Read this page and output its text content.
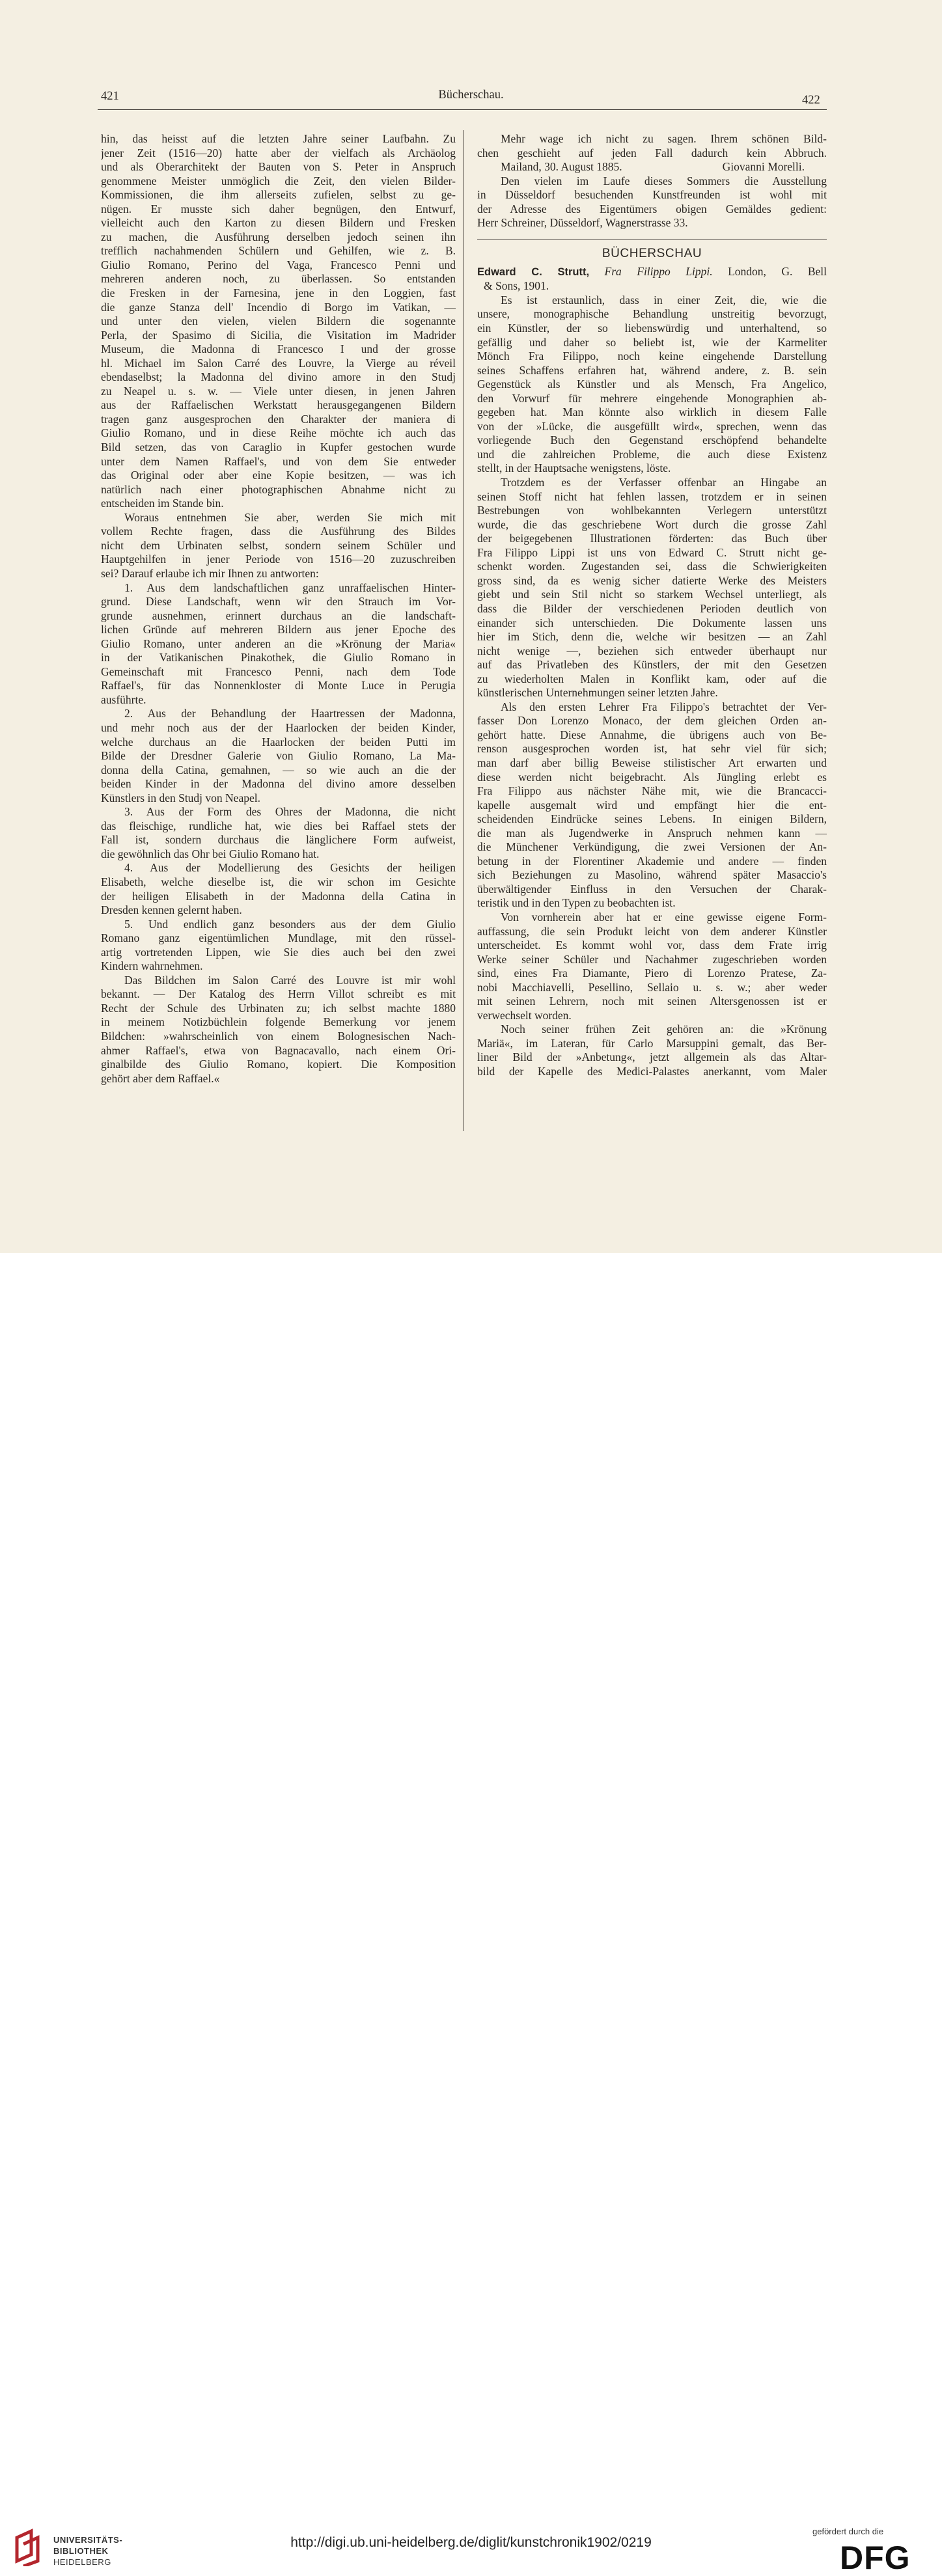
421	Bücherschau.	422

hin, das heisst auf die letzten Jahre seiner Laufbahn. Zu

jener Zeit (1516—20) hatte aber der vielfach als Archäolog

und als Oberarchitekt der Bauten von S. Peter in Anspruch

genommene Meister unmöglich die Zeit, den vielen Bilder-

Kommissionen, die ihm allerseits zufielen, selbst zu ge-

nügen. Er musste sich daher begnügen, den Entwurf,

vielleicht auch den Karton zu diesen Bildern und Fresken

zu machen, die Ausführung derselben jedoch seinen ihn

trefflich nachahmenden Schülern und Gehilfen, wie z. B.

Giulio Romano, Perino del Vaga, Francesco Penni und

mehreren anderen noch, zu überlassen. So entstanden

die Fresken in der Farnesina, jene in den Loggien, fast

die ganze Stanza dell' Incendio di Borgo im Vatikan, —

und unter den vielen, vielen Bildern die sogenannte

Perla, der Spasimo di Sicilia, die Visitation im Madrider

Museum, die Madonna di Francesco I und der grosse

hl. Michael im Salon Carré des Louvre, la Vierge au réveil

ebendaselbst; la Madonna del divino amore in den Studj

zu Neapel u. s. w. — Viele unter diesen, in jenen Jahren

aus der Raffaelischen Werkstatt herausgegangenen Bildern

tragen ganz ausgesprochen den Charakter der maniera di

Giulio Romano, und in diese Reihe möchte ich auch das

Bild setzen, das von Caraglio in Kupfer gestochen wurde

unter dem Namen Raffael's, und von dem Sie entweder

das Original oder aber eine Kopie besitzen, — was ich

natürlich nach einer photographischen Abnahme nicht zu

entscheiden im Stande bin.

Woraus entnehmen Sie aber, werden Sie mich mit

vollem Rechte fragen, dass die Ausführung des Bildes

nicht dem Urbinaten selbst, sondern seinem Schüler und

Hauptgehilfen in jener Periode von 1516—20 zuzuschreiben

sei? Darauf erlaube ich mir Ihnen zu antworten:

1. Aus dem landschaftlichen ganz unraffaelischen Hinter-

grund. Diese Landschaft, wenn wir den Strauch im Vor-

grunde ausnehmen, erinnert durchaus an die landschaft-

lichen Gründe auf mehreren Bildern aus jener Epoche des

Giulio Romano, unter anderen an die »Krönung der Maria«

in der Vatikanischen Pinakothek, die Giulio Romano in

Gemeinschaft mit Francesco Penni, nach dem Tode

Raffael's, für das Nonnenkloster di Monte Luce in Perugia

ausführte.

2. Aus der Behandlung der Haartressen der Madonna,

und mehr noch aus der der Haarlocken der beiden Kinder,

welche durchaus an die Haarlocken der beiden Putti im

Bilde der Dresdner Galerie von Giulio Romano, La Ma-

donna della Catina, gemahnen, — so wie auch an die der

beiden Kinder in der Madonna del divino amore desselben

Künstlers in den Studj von Neapel.

3. Aus der Form des Ohres der Madonna, die nicht

das fleischige, rundliche hat, wie dies bei Raffael stets der

Fall ist, sondern durchaus die länglichere Form aufweist,

die gewöhnlich das Ohr bei Giulio Romano hat.

4. Aus der Modellierung des Gesichts der heiligen

Elisabeth, welche dieselbe ist, die wir schon im Gesichte

der heiligen Elisabeth in der Madonna della Catina in

Dresden kennen gelernt haben.

5. Und endlich ganz besonders aus der dem Giulio

Romano ganz eigentümlichen Mundlage, mit den rüssel-

artig vortretenden Lippen, wie Sie dies auch bei den zwei

Kindern wahrnehmen.

Das Bildchen im Salon Carré des Louvre ist mir wohl

bekannt. — Der Katalog des Herrn Villot schreibt es mit

Recht der Schule des Urbinaten zu; ich selbst machte 1880

in meinem Notizbüchlein folgende Bemerkung vor jenem

Bildchen: »wahrscheinlich von einem Bolognesischen Nach-

ahmer Raffael's, etwa von Bagnacavallo, nach einem Ori-

ginalbilde des Giulio Romano, kopiert. Die Komposition

gehört aber dem Raffael.«

Mehr wage ich nicht zu sagen. Ihrem schönen Bild-

chen geschieht auf jeden Fall dadurch kein Abbruch.

Mailand, 30. August 1885.	Giovanni Morelli.

Den vielen im Laufe dieses Sommers die Ausstellung

in Düsseldorf besuchenden Kunstfreunden ist wohl mit

der Adresse des Eigentümers obigen Gemäldes gedient:

Herr Schreiner, Düsseldorf, Wagnerstrasse 33.

BÜCHERSCHAU

Edward C. Strutt, Fra Filippo Lippi. London, G. Bell

& Sons, 1901.

Es ist erstaunlich, dass in einer Zeit, die, wie die

unsere, monographische Behandlung unstreitig bevorzugt,

ein Künstler, der so liebenswürdig und unterhaltend, so

gefällig und daher so beliebt ist, wie der Karmeliter

Mönch Fra Filippo, noch keine eingehende Darstellung

seines Schaffens erfahren hat, während andere, z. B. sein

Gegenstück als Künstler und als Mensch, Fra Angelico,

den Vorwurf für mehrere eingehende Monographien ab-

gegeben hat. Man könnte also wirklich in diesem Falle

von der »Lücke, die ausgefüllt wird«, sprechen, wenn das

vorliegende Buch den Gegenstand erschöpfend behandelte

und die zahlreichen Probleme, die auch diese Existenz

stellt, in der Hauptsache wenigstens, löste.

Trotzdem es der Verfasser offenbar an Hingabe an

seinen Stoff nicht hat fehlen lassen, trotzdem er in seinen

Bestrebungen von wohlbekannten Verlegern unterstützt

wurde, die das geschriebene Wort durch die grosse Zahl

der beigegebenen Illustrationen förderten: das Buch über

Fra Filippo Lippi ist uns von Edward C. Strutt nicht ge-

schenkt worden. Zugestanden sei, dass die Schwierigkeiten

gross sind, da es wenig sicher datierte Werke des Meisters

giebt und sein Stil nicht so starkem Wechsel unterliegt, als

dass die Bilder der verschiedenen Perioden deutlich von

einander sich unterschieden. Die Dokumente lassen uns

hier im Stich, denn die, welche wir besitzen — an Zahl

nicht wenige —, beziehen sich entweder überhaupt nur

auf das Privatleben des Künstlers, der mit den Gesetzen

zu wiederholten Malen in Konflikt kam, oder auf die

künstlerischen Unternehmungen seiner letzten Jahre.

Als den ersten Lehrer Fra Filippo's betrachtet der Ver-

fasser Don Lorenzo Monaco, der dem gleichen Orden an-

gehört hatte. Diese Annahme, die übrigens auch von Be-

renson ausgesprochen worden ist, hat sehr viel für sich;

man darf aber billig Beweise stilistischer Art erwarten und

diese werden nicht beigebracht. Als Jüngling erlebt es

Fra Filippo aus nächster Nähe mit, wie die Brancacci-

kapelle ausgemalt wird und empfängt hier die ent-

scheidenden Eindrücke seines Lebens. In einigen Bildern,

die man als Jugendwerke in Anspruch nehmen kann —

die Münchener Verkündigung, die zwei Versionen der An-

betung in der Florentiner Akademie und andere — finden

sich Beziehungen zu Masolino, während später Masaccio's

überwältigender Einfluss in den Versuchen der Charak-

teristik und in den Typen zu beobachten ist.

Von vornherein aber hat er eine gewisse eigene Form-

auffassung, die sein Produkt leicht von dem anderer Künstler

unterscheidet. Es kommt wohl vor, dass dem Frate irrig

Werke seiner Schüler und Nachahmer zugeschrieben worden

sind, eines Fra Diamante, Piero di Lorenzo Pratese, Za-

nobi Macchiavelli, Pesellino, Sellaio u. s. w.; aber weder

mit seinen Lehrern, noch mit seinen Altersgenossen ist er

verwechselt worden.

Noch seiner frühen Zeit gehören an: die »Krönung

Mariä«, im Lateran, für Carlo Marsuppini gemalt, das Ber-

liner Bild der »Anbetung«, jetzt allgemein als das Altar-

bild der Kapelle des Medici-Palastes anerkannt, vom Maler

UNIVERSITÄTS-
BIBLIOTHEK
HEIDELBERG
http://digi.ub.uni-heidelberg.de/diglit/kunstchronik1902/0219
gefördert durch die
DFG
